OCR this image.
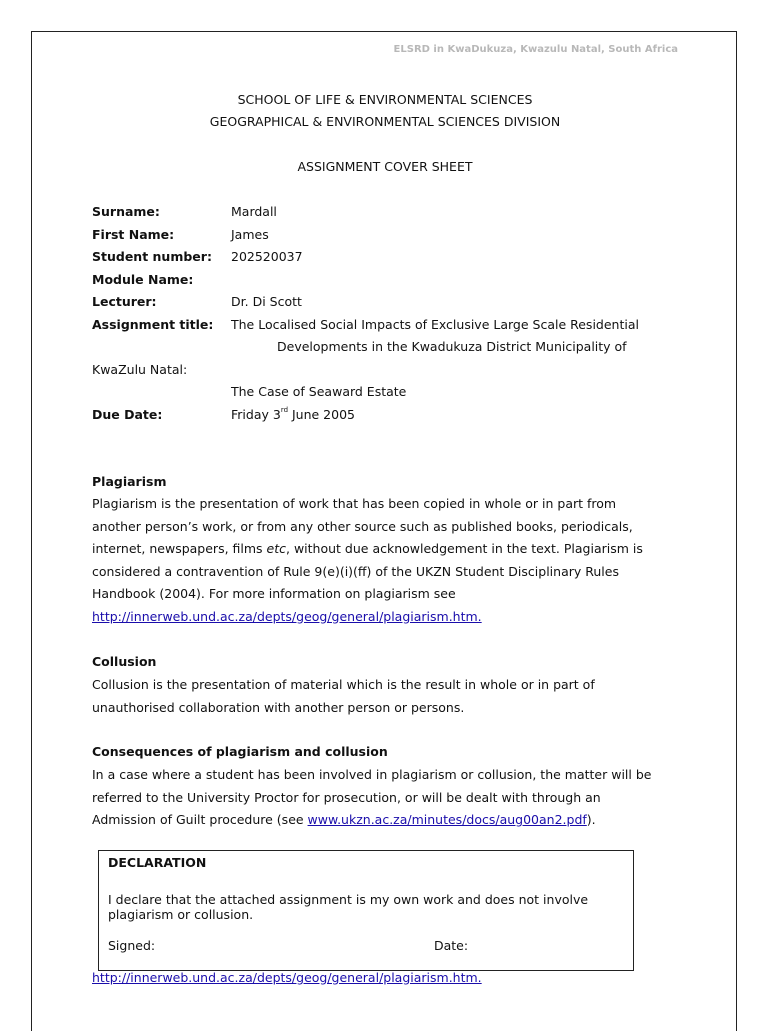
ELSRD in KwaDukuza, Kwazulu Natal, South Africa
SCHOOL OF LIFE & ENVIRONMENTAL SCIENCES
GEOGRAPHICAL & ENVIRONMENTAL SCIENCES DIVISION
ASSIGNMENT COVER SHEET
Surname:	Mardall
First Name:	James
Student number: 202520037
Module Name:
Lecturer:	Dr. Di Scott
Assignment title: The Localised Social Impacts of Exclusive Large Scale Residential
Developments in the Kwadukuza District Municipality of
KwaZulu Natal:
The Case of Seaward Estate
Due Date:	Friday 3rd June 2005
Plagiarism
Plagiarism is the presentation of work that has been copied in whole or in part from
another person’s work, or from any other source such as published books, periodicals,
internet, newspapers, films etc, without due acknowledgement in the text. Plagiarism is
considered a contravention of Rule 9(e)(i)(ff) of the UKZN Student Disciplinary Rules
Handbook (2004). For more information on plagiarism see
http://innerweb.und.ac.za/depts/geog/general/plagiarism.htm.
Collusion
Collusion is the presentation of material which is the result in whole or in part of
unauthorised collaboration with another person or persons.
Consequences of plagiarism and collusion
In a case where a student has been involved in plagiarism or collusion, the matter will be
referred to the University Proctor for prosecution, or will be dealt with through an
Admission of Guilt procedure (see www.ukzn.ac.za/minutes/docs/aug00an2.pdf).
DECLARATION
I declare that the attached assignment is my own work and does not involve
plagiarism or collusion.
Signed:	Date:
http://innerweb.und.ac.za/depts/geog/general/plagiarism.htm.
